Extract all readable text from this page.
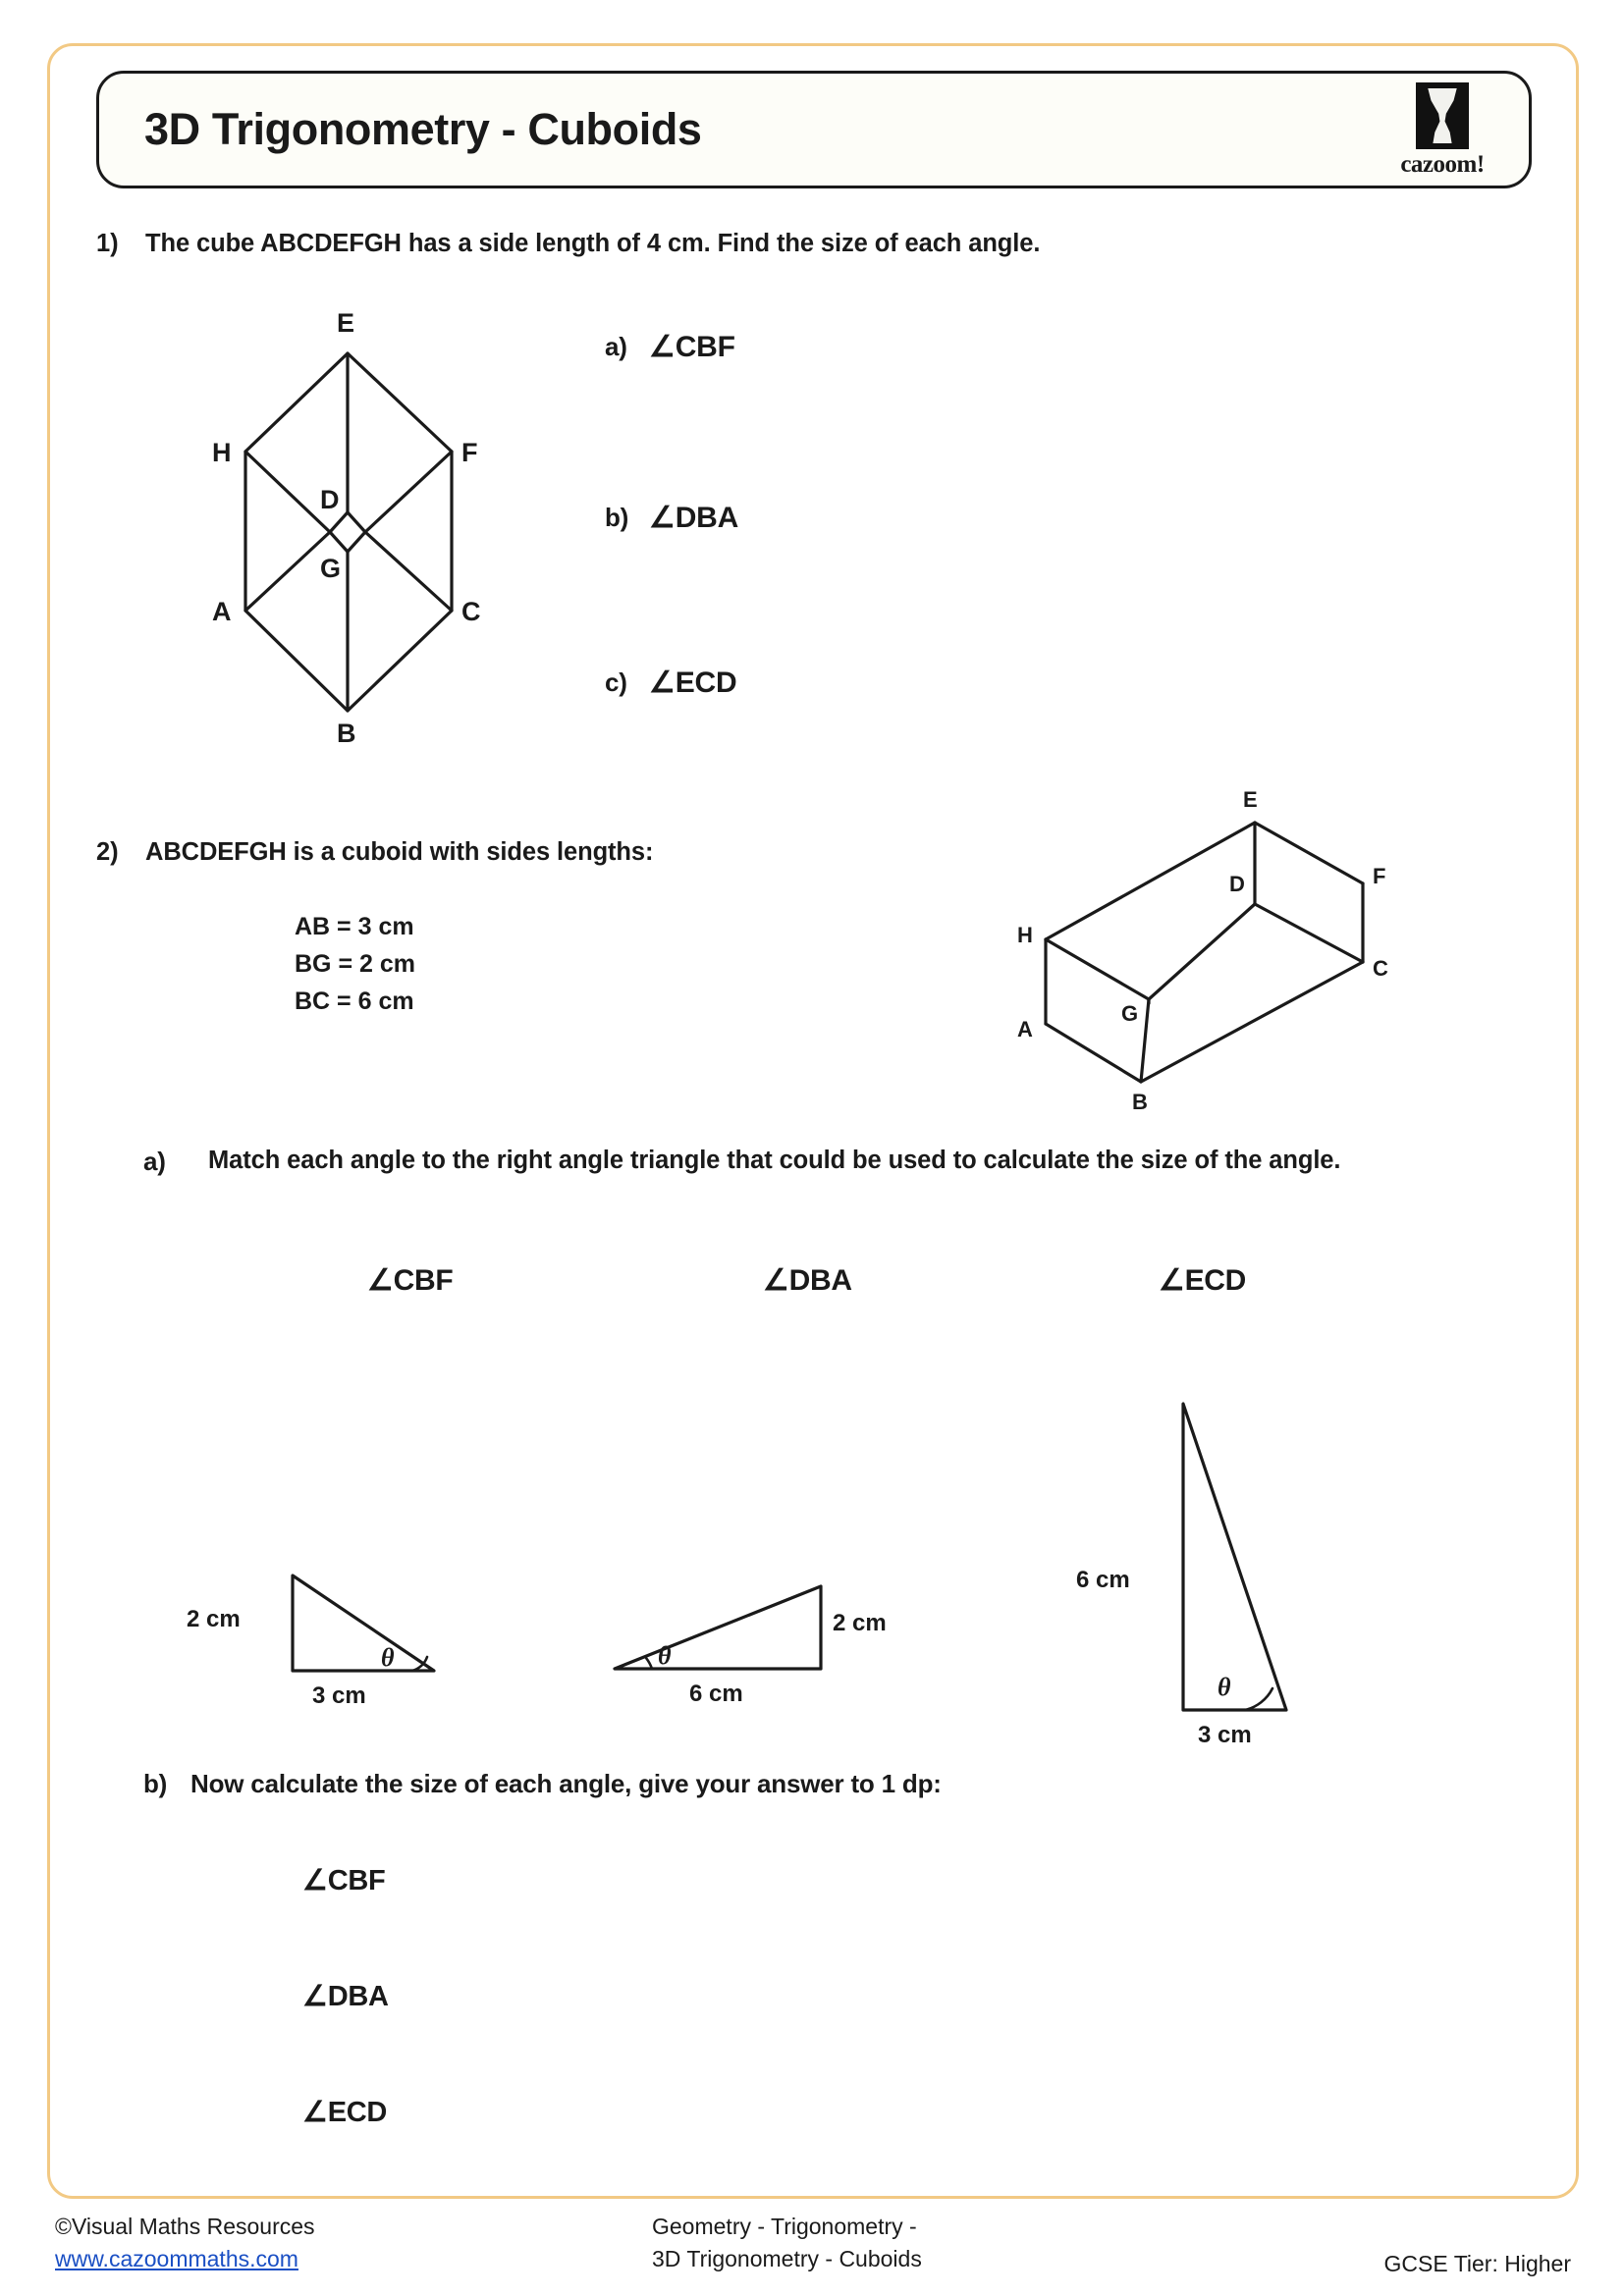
3D Trigonometry - Cuboids
cazoom!
1) The cube ABCDEFGH has a side length of 4 cm. Find the size of each angle.
E
H	F
D
G
A	C
B
a) ∠CBF
b) ∠DBA
c) ∠ECD
2) ABCDEFGH is a cuboid with sides lengths:
AB = 3 cm
BG = 2 cm
BC = 6 cm
E
D	F
H
C
G
A
B
a) Match each angle to the right angle triangle that could be used to calculate the size of the angle.
∠CBF	∠DBA	∠ECD
2 cm
3 cm
θ
2 cm
6 cm
θ
6 cm
3 cm
θ
b) Now calculate the size of each angle, give your answer to 1 dp:
∠CBF
∠DBA
∠ECD
©Visual Maths Resources
www.cazoommaths.com
Geometry - Trigonometry -
3D Trigonometry - Cuboids	GCSE Tier: Higher
